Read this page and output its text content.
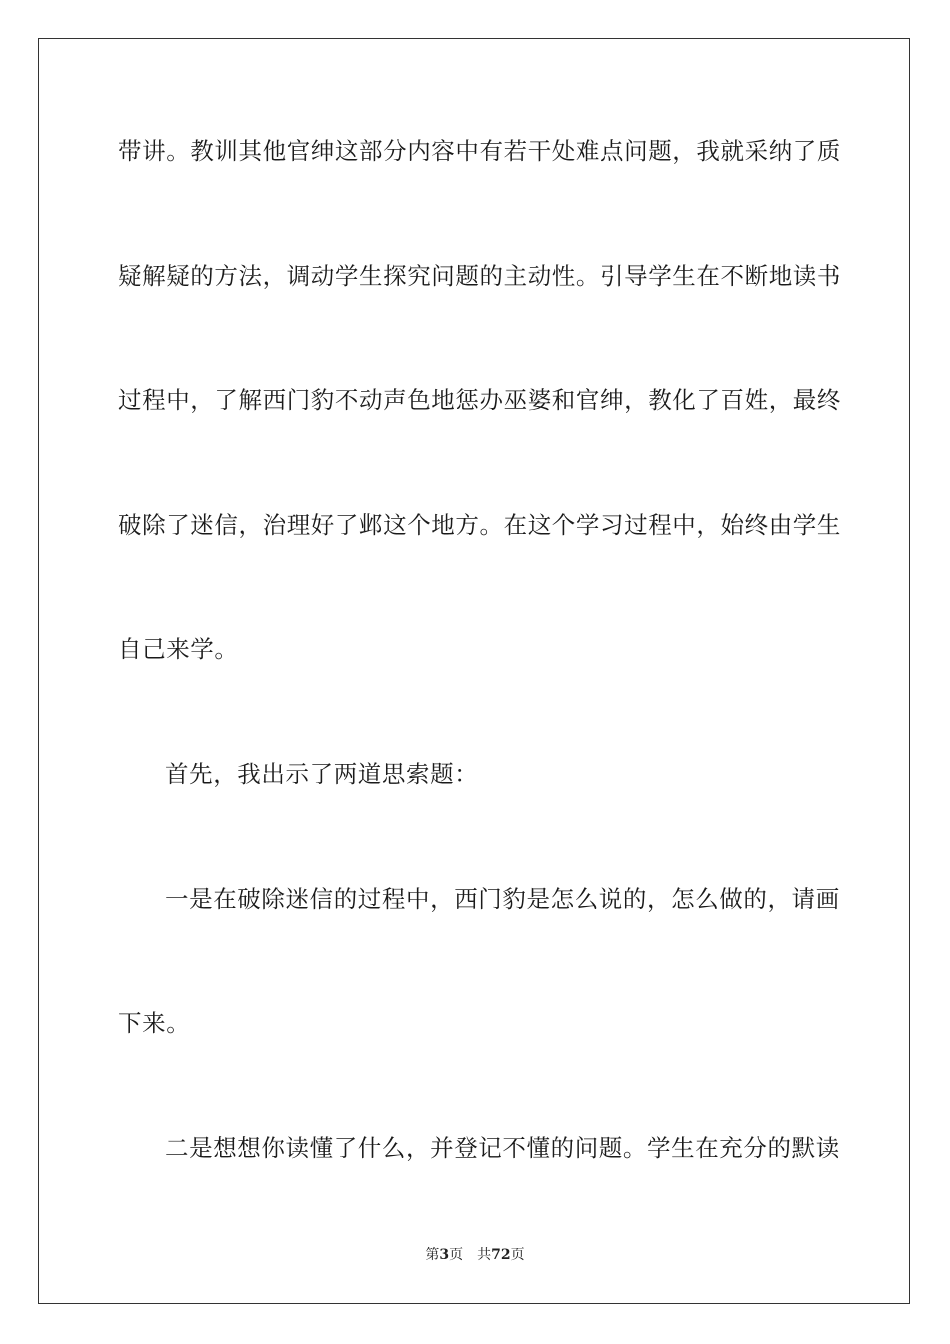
带讲。教训其他官绅这部分内容中有若干处难点问题，我就采纳了质
疑解疑的方法，调动学生探究问题的主动性。引导学生在不断地读书
过程中，了解西门豹不动声色地惩办巫婆和官绅，教化了百姓，最终
破除了迷信，治理好了邺这个地方。在这个学习过程中，始终由学生
自己来学。
首先，我出示了两道思索题：
一是在破除迷信的过程中，西门豹是怎么说的，怎么做的，请画
下来。
二是想想你读懂了什么，并登记不懂的问题。学生在充分的默读
第3页 共72页
